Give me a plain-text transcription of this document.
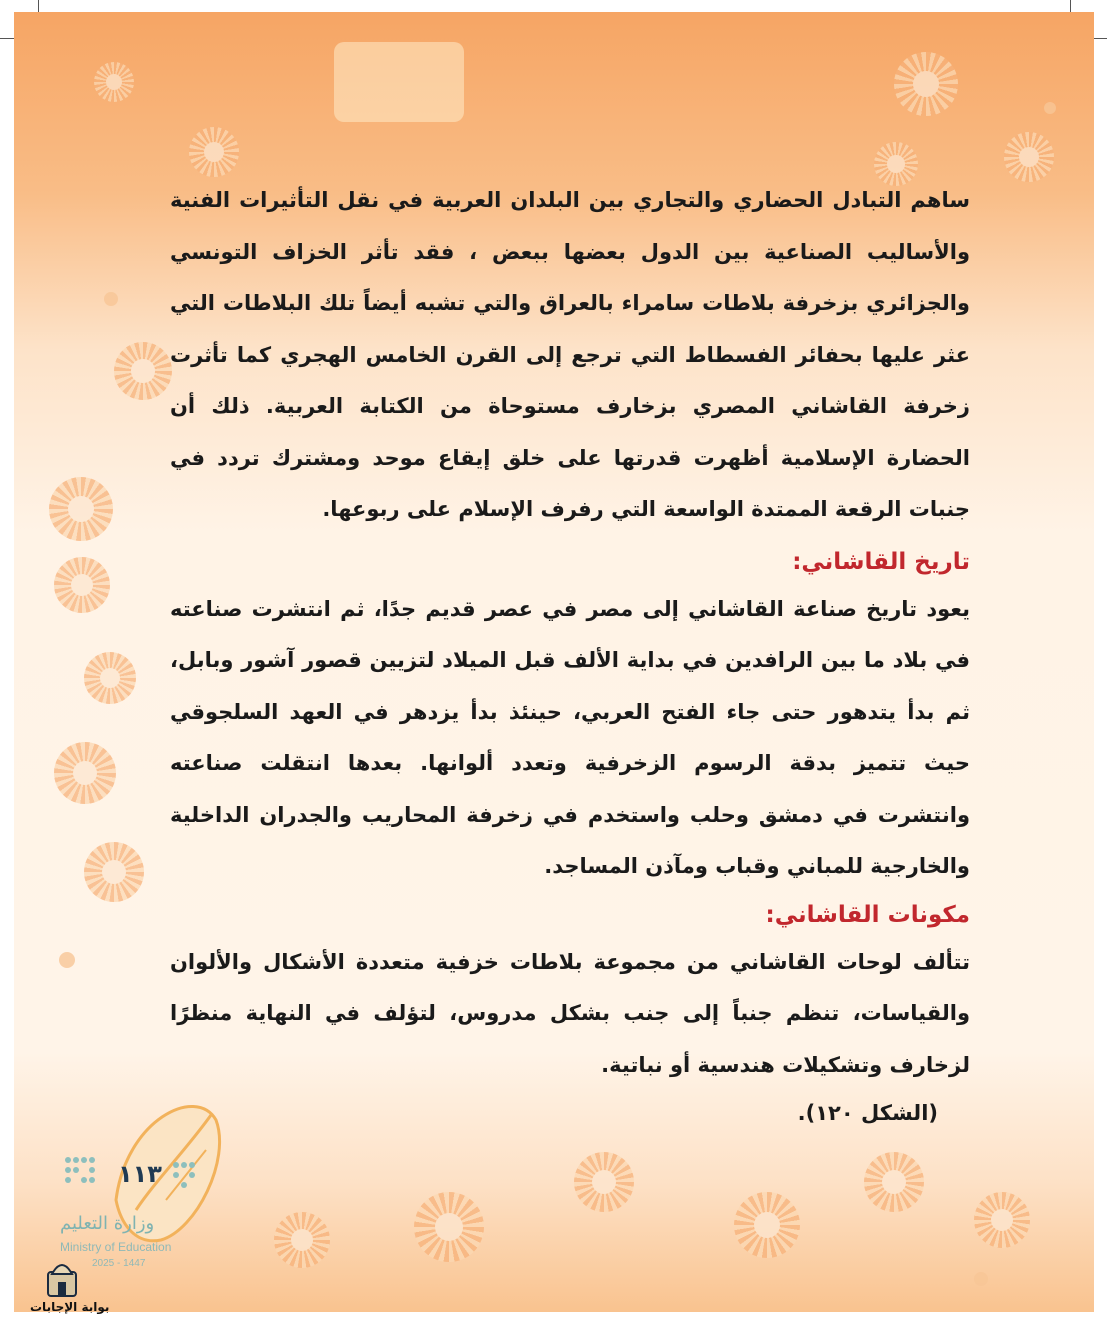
ساهم التبادل الحضاري والتجاري بين البلدان العربية في نقل التأثيرات الفنية والأساليب الصناعية بين الدول بعضها ببعض ، فقد تأثر الخزاف التونسي والجزائري بزخرفة بلاطات سامراء بالعراق والتي تشبه أيضاً تلك البلاطات التي عثر عليها بحفائر الفسطاط التي ترجع إلى القرن الخامس الهجري كما تأثرت زخرفة القاشاني المصري بزخارف مستوحاة من الكتابة العربية. ذلك أن الحضارة الإسلامية أظهرت قدرتها على خلق إيقاع موحد ومشترك تردد في جنبات الرقعة الممتدة الواسعة التي رفرف الإسلام على ربوعها.

تاريخ القاشاني:

يعود تاريخ صناعة القاشاني إلى مصر في عصر قديم جدًا، ثم انتشرت صناعته في بلاد ما بين الرافدين في بداية الألف قبل الميلاد لتزيين قصور آشور وبابل، ثم بدأ يتدهور حتى جاء الفتح العربي، حينئذ بدأ يزدهر في العهد السلجوقي حيث تتميز بدقة الرسوم الزخرفية وتعدد ألوانها. بعدها انتقلت صناعته وانتشرت في دمشق وحلب واستخدم في زخرفة المحاريب والجدران الداخلية والخارجية للمباني وقباب ومآذن المساجد.

مكونات القاشاني:

تتألف لوحات القاشاني من مجموعة بلاطات خزفية متعددة الأشكال والألوان والقياسات، تنظم جنباً إلى جنب بشكل مدروس، لتؤلف في النهاية منظرًا لزخارف وتشكيلات هندسية أو نباتية.

(الشكل ١٢٠).

١١٣
وزارة التعليم
Ministry of Education
2025 - 1447
بوابة الإجابات
